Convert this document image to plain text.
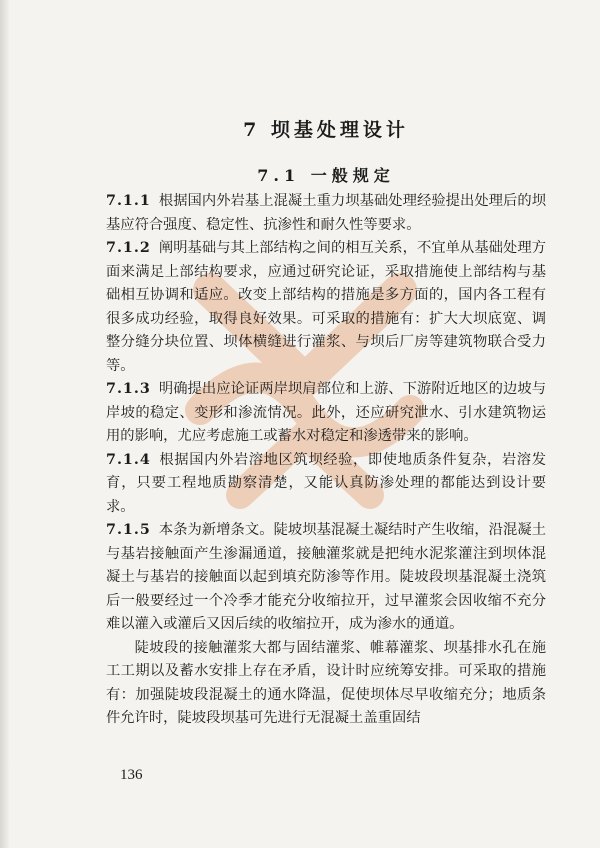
7 坝基处理设计
7.1 一般规定

7.1.1 根据国内外岩基上混凝土重力坝基础处理经验提出处理后的坝基应符合强度、稳定性、抗渗性和耐久性等要求。

7.1.2 阐明基础与其上部结构之间的相互关系，不宜单从基础处理方面来满足上部结构要求，应通过研究论证，采取措施使上部结构与基础相互协调和适应。改变上部结构的措施是多方面的，国内各工程有很多成功经验，取得良好效果。可采取的措施有：扩大大坝底宽、调整分缝分块位置、坝体横缝进行灌浆、与坝后厂房等建筑物联合受力等。

7.1.3 明确提出应论证两岸坝肩部位和上游、下游附近地区的边坡与岸坡的稳定、变形和渗流情况。此外，还应研究泄水、引水建筑物运用的影响，尤应考虑施工或蓄水对稳定和渗透带来的影响。

7.1.4 根据国内外岩溶地区筑坝经验，即使地质条件复杂，岩溶发育，只要工程地质勘察清楚，又能认真防渗处理的都能达到设计要求。

7.1.5 本条为新增条文。陡坡坝基混凝土凝结时产生收缩，沿混凝土与基岩接触面产生渗漏通道，接触灌浆就是把纯水泥浆灌注到坝体混凝土与基岩的接触面以起到填充防渗等作用。陡坡段坝基混凝土浇筑后一般要经过一个冷季才能充分收缩拉开，过早灌浆会因收缩不充分难以灌入或灌后又因后续的收缩拉开，成为渗水的通道。

陡坡段的接触灌浆大都与固结灌浆、帷幕灌浆、坝基排水孔在施工工期以及蓄水安排上存在矛盾，设计时应统筹安排。可采取的措施有：加强陡坡段混凝土的通水降温，促使坝体尽早收缩充分；地质条件允许时，陡坡段坝基可先进行无混凝土盖重固结

136
